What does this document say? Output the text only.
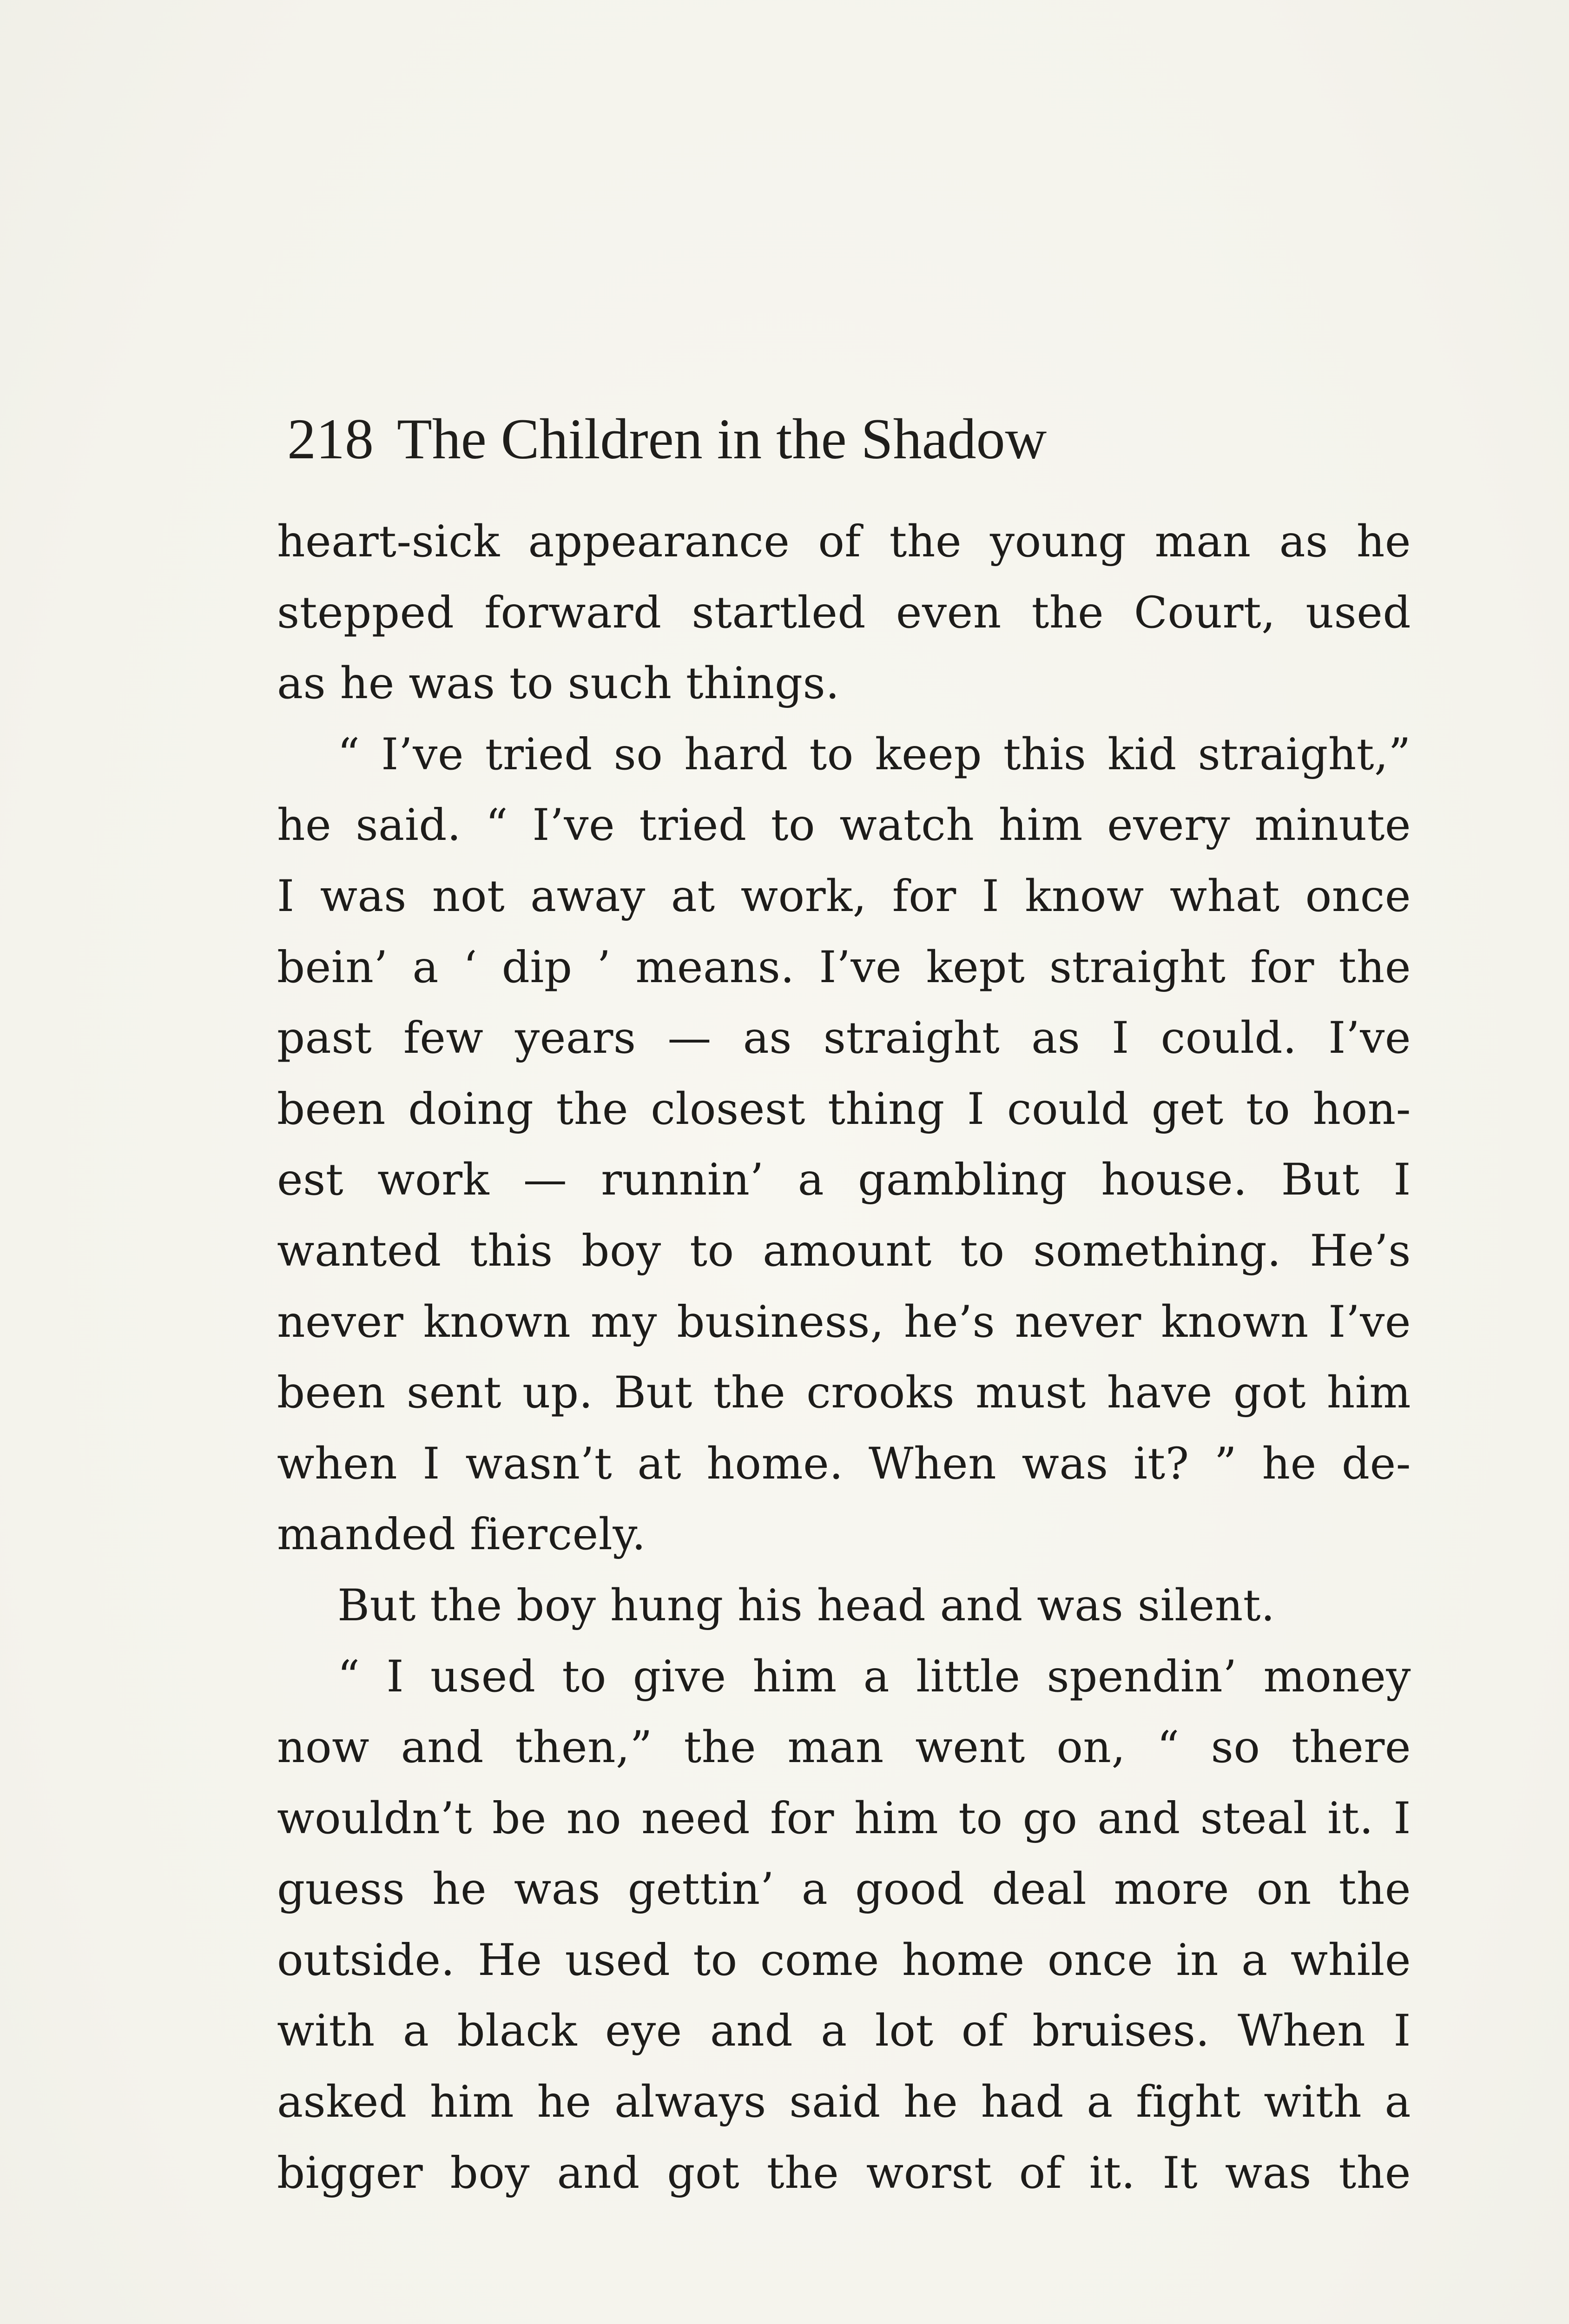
218 The Children in the Shadow
heart-sick appearance of the young man as he
stepped forward startled even the Court, used
as he was to such things.
“ I’ve tried so hard to keep this kid straight,”
he said. “ I’ve tried to watch him every minute
I was not away at work, for I know what once
bein’ a ‘ dip ’ means. I’ve kept straight for the
past few years — as straight as I could. I’ve
been doing the closest thing I could get to hon-
est work — runnin’ a gambling house. But I
wanted this boy to amount to something. He’s
never known my business, he’s never known I’ve
been sent up. But the crooks must have got him
when I wasn’t at home. When was it? ” he de-
manded fiercely.
But the boy hung his head and was silent.
“ I used to give him a little spendin’ money
now and then,” the man went on, “ so there
wouldn’t be no need for him to go and steal it. I
guess he was gettin’ a good deal more on the
outside. He used to come home once in a while
with a black eye and a lot of bruises. When I
asked him he always said he had a fight with a
bigger boy and got the worst of it. It was the
